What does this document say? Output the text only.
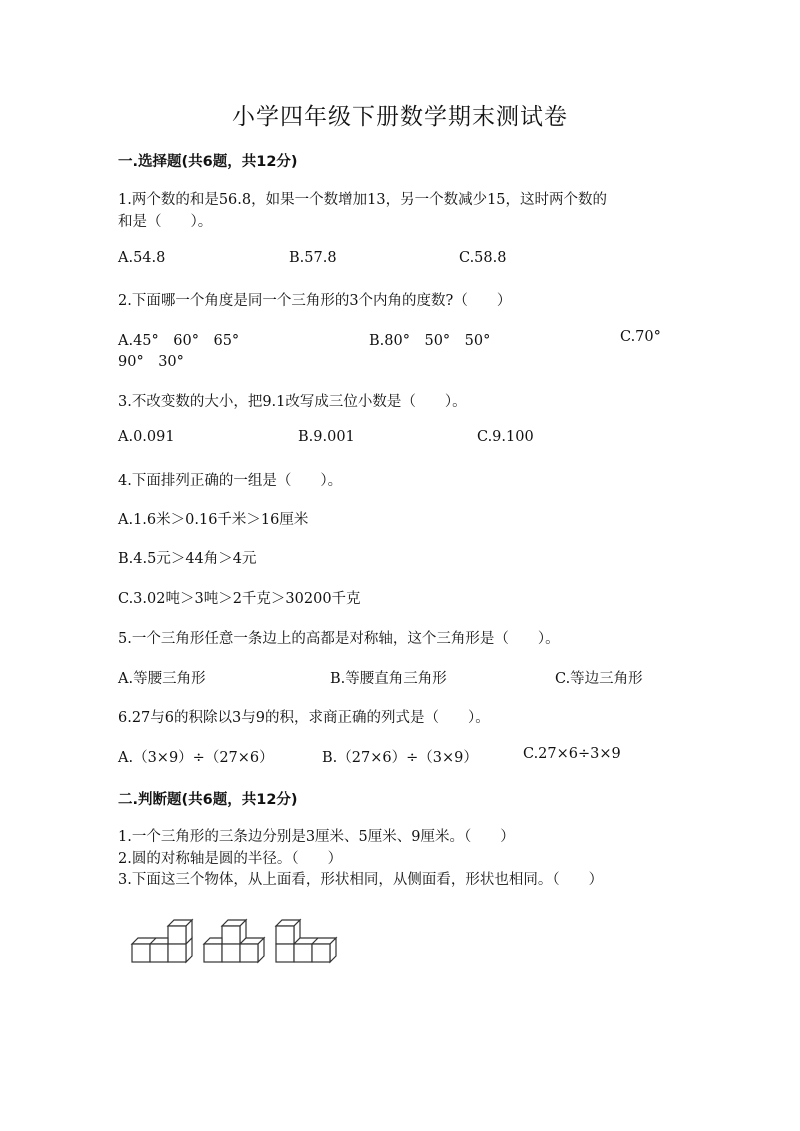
小学四年级下册数学期末测试卷
一.选择题(共6题，共12分)
1.两个数的和是56.8，如果一个数增加13，另一个数减少15，这时两个数的
和是（　　）。
A.54.8	B.57.8	C.58.8
2.下面哪一个角度是同一个三角形的3个内角的度数?（　　）
A.45°　60°　65°	B.80°　50°　50°	C.70°
90°　30°
3.不改变数的大小，把9.1改写成三位小数是（　　）。
A.0.091	B.9.001	C.9.100
4.下面排列正确的一组是（　　）。
A.1.6米＞0.16千米＞16厘米
B.4.5元＞44角＞4元
C.3.02吨＞3吨＞2千克＞30200千克
5.一个三角形任意一条边上的高都是对称轴，这个三角形是（　　）。
A.等腰三角形	B.等腰直角三角形	C.等边三角形
6.27与6的积除以3与9的积，求商正确的列式是（　　）。
A.（3×9）÷（27×6）	B.（27×6）÷（3×9）	C.27×6÷3×9
二.判断题(共6题，共12分)
1.一个三角形的三条边分别是3厘米、5厘米、9厘米。（　　）
2.圆的对称轴是圆的半径。（　　）
3.下面这三个物体，从上面看，形状相同，从侧面看，形状也相同。（　　）
